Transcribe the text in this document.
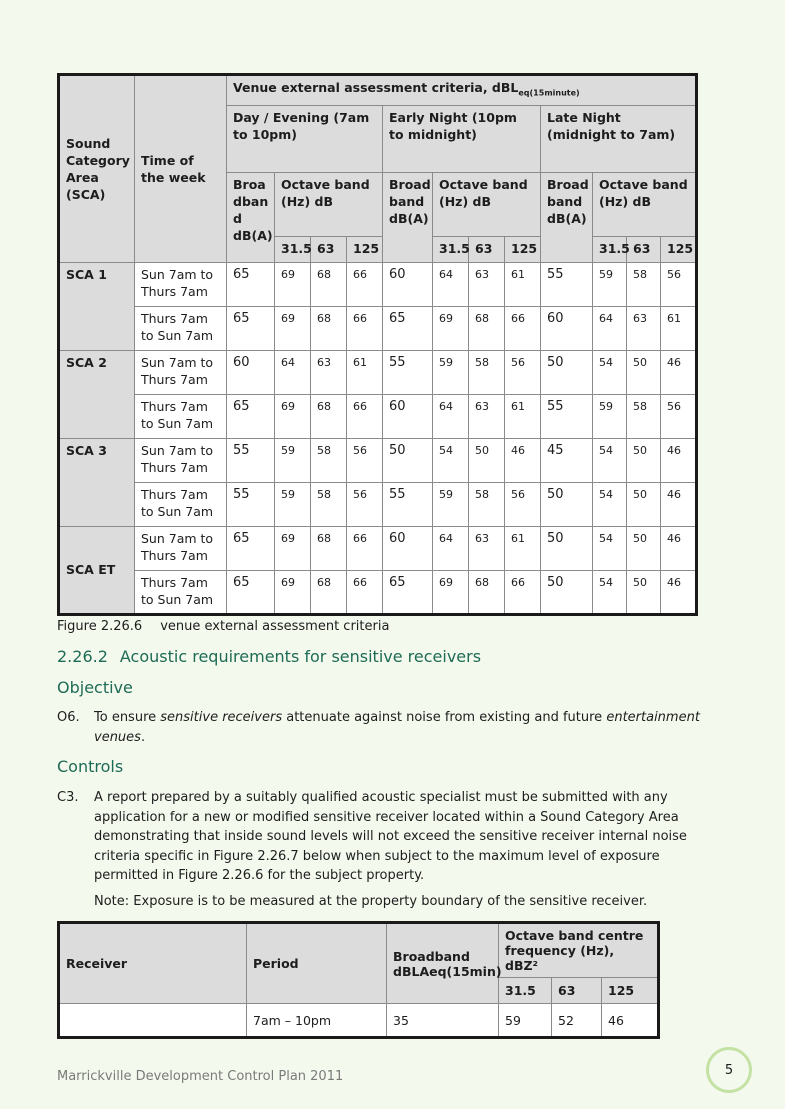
Sound Category Area (SCA)	Time of the week	Venue external assessment criteria, dBL$_{eq(15minute)}$
		Day / Evening (7am to 10pm)				Early Night (10pm to midnight)				Late Night (midnight to 7am)			
		Broa dban d dB(A)	Octave band (Hz) dB			Broad band dB(A)	Octave band (Hz) dB			Broad band dB(A)	Octave band (Hz) dB		
			31.5	63	125		31.5	63	125		31.5	63	125
SCA 1	Sun 7am to Thurs 7am	65	69	68	66	60	64	63	61	55	59	58	56
	Thurs 7am to Sun 7am	65	69	68	66	65	69	68	66	60	64	63	61
SCA 2	Sun 7am to Thurs 7am	60	64	63	61	55	59	58	56	50	54	50	46
	Thurs 7am to Sun 7am	65	69	68	66	60	64	63	61	55	59	58	56
SCA 3	Sun 7am to Thurs 7am	55	59	58	56	50	54	50	46	45	54	50	46
	Thurs 7am to Sun 7am	55	59	58	56	55	59	58	56	50	54	50	46
SCA ET	Sun 7am to Thurs 7am	65	69	68	66	60	64	63	61	50	54	50	46
	Thurs 7am to Sun 7am	65	69	68	66	65	69	68	66	50	54	50	46
Figure 2.26.6 venue external assessment criteria
2.26.2 Acoustic requirements for sensitive receivers
Objective
O6. To ensure sensitive receivers attenuate against noise from existing and future entertainment venues.
Controls
C3. A report prepared by a suitably qualified acoustic specialist must be submitted with any application for a new or modified sensitive receiver located within a Sound Category Area demonstrating that inside sound levels will not exceed the sensitive receiver internal noise criteria specific in Figure 2.26.7 below when subject to the maximum level of exposure permitted in Figure 2.26.6 for the subject property.
Note: Exposure is to be measured at the property boundary of the sensitive receiver.
Receiver	Period	Broadband dBLAeq(15min)	Octave band centre frequency (Hz), dBZ²		
			31.5	63	125
	7am – 10pm	35	59	52	46
Marrickville Development Control Plan 2011	5
